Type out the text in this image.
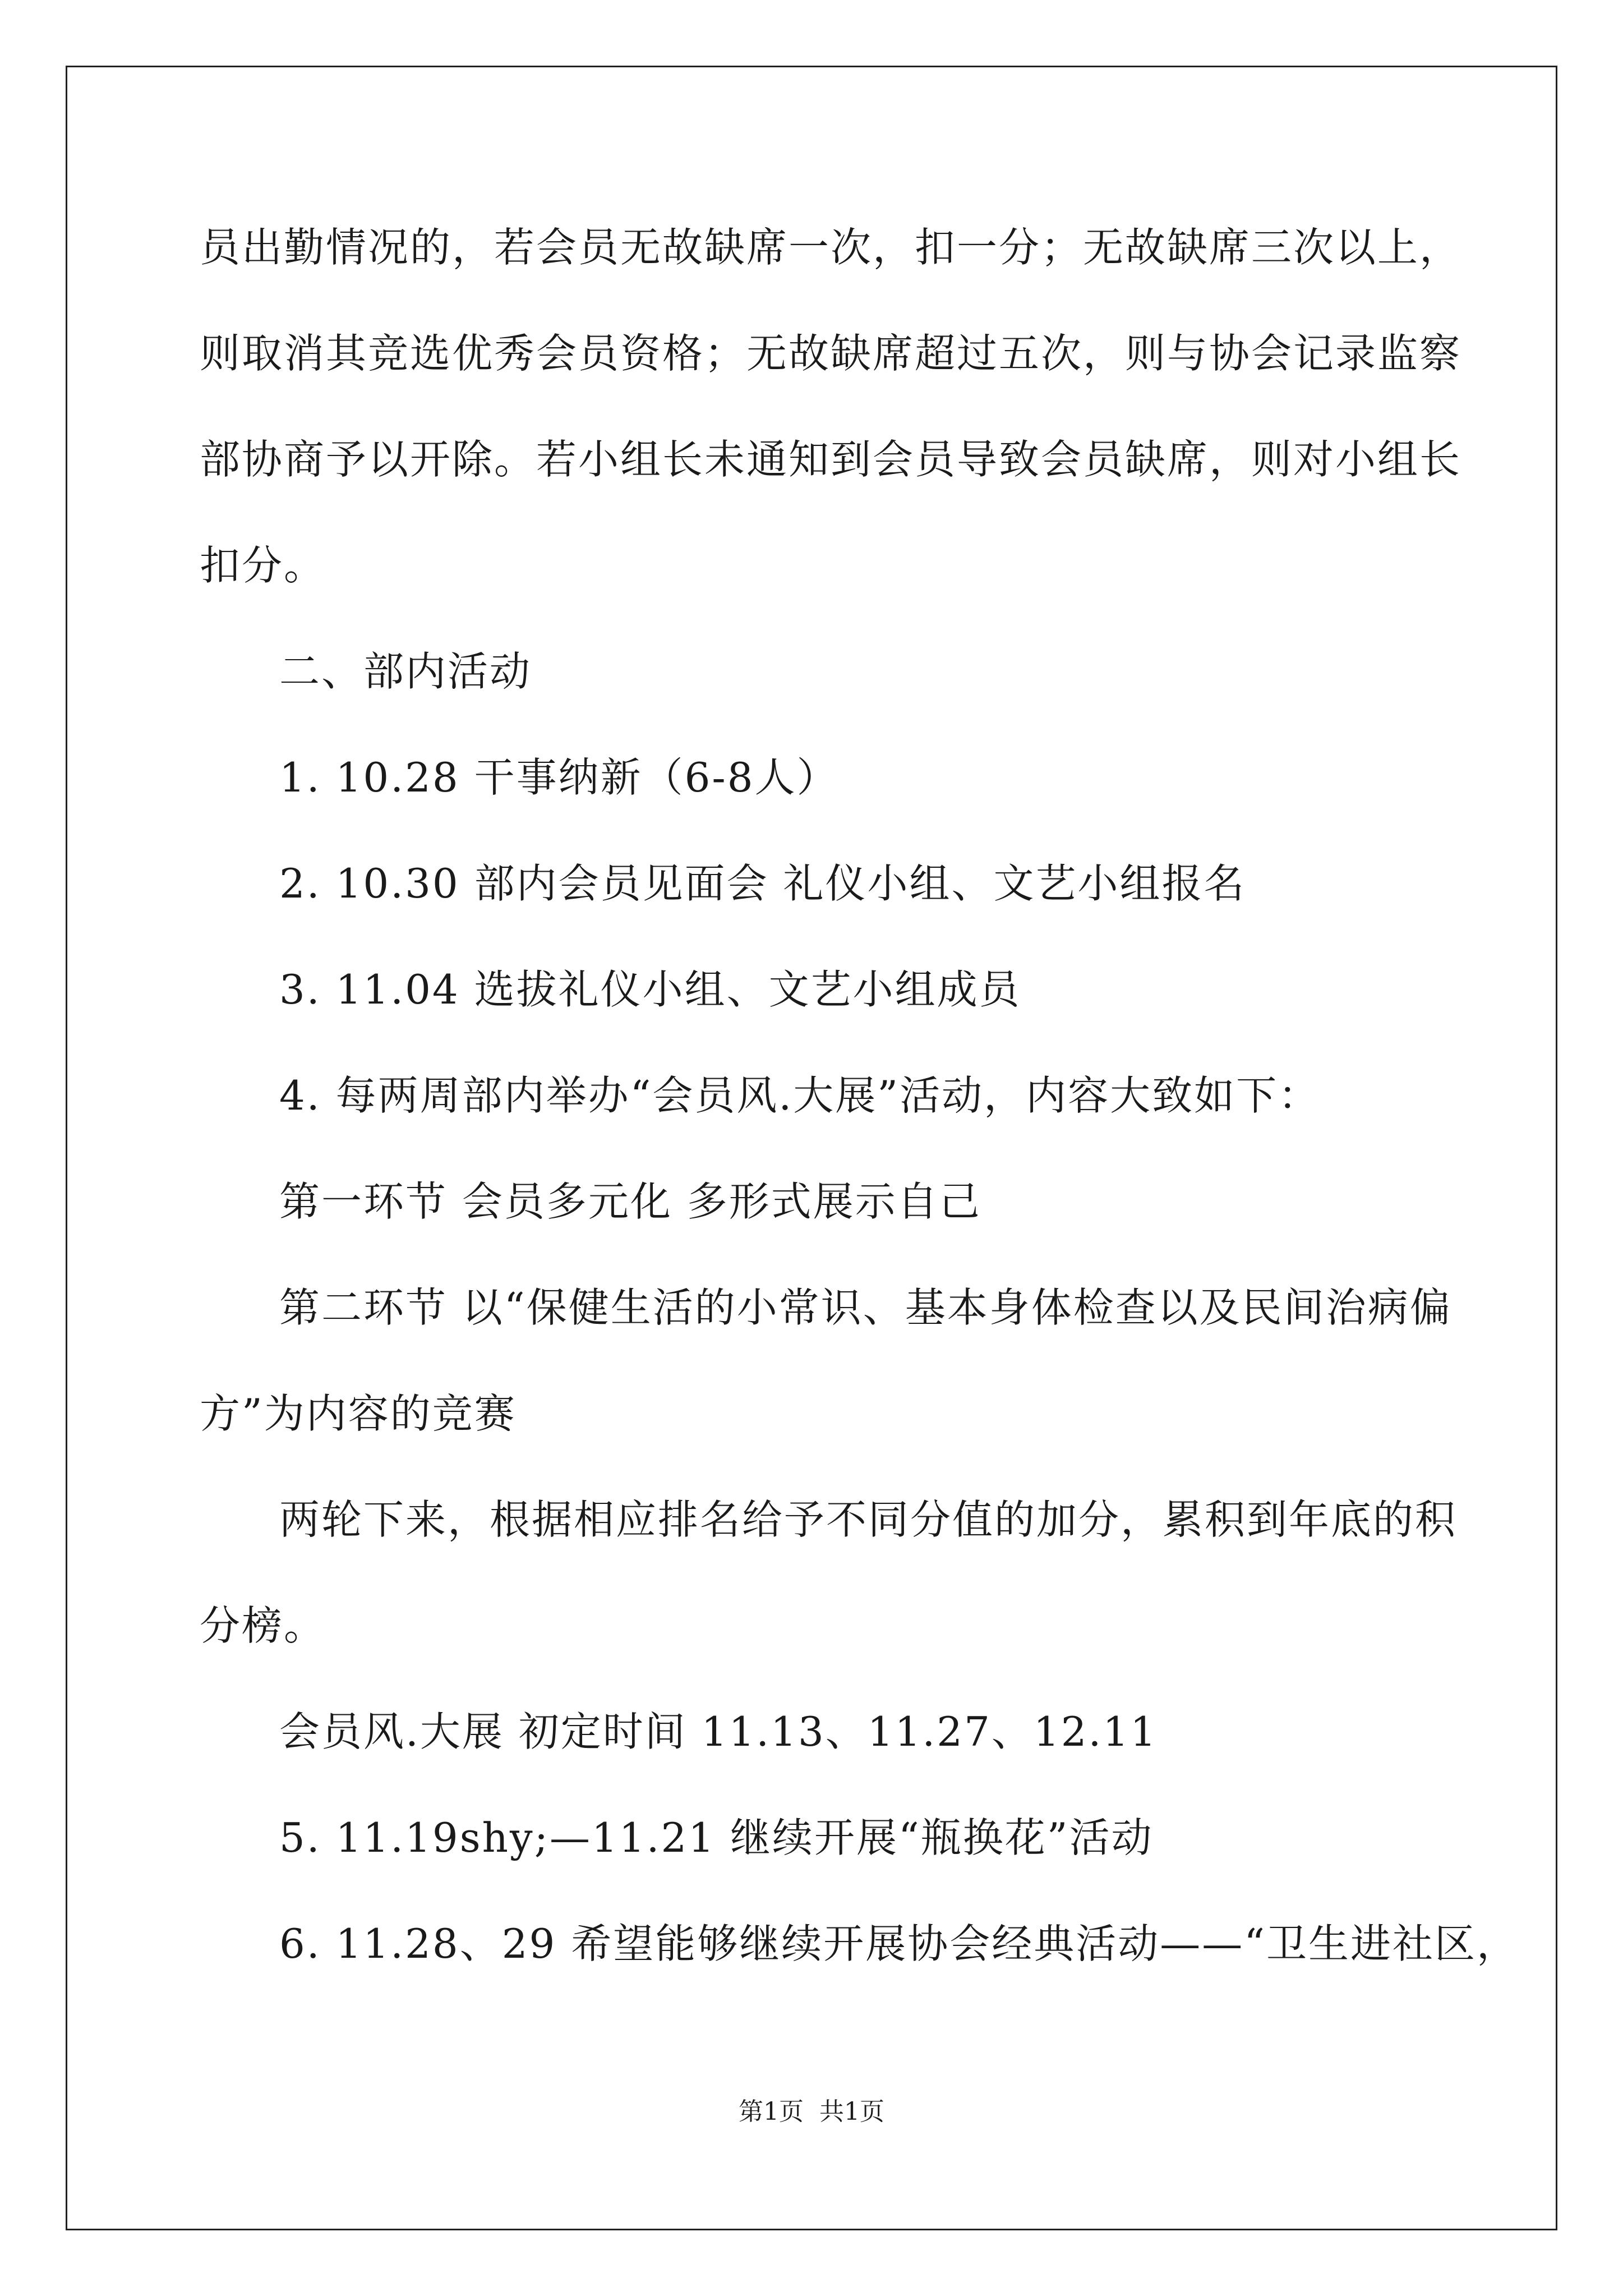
员出勤情况的，若会员无故缺席一次，扣一分；无故缺席三次以上，
则取消其竞选优秀会员资格；无故缺席超过五次，则与协会记录监察
部协商予以开除。若小组长未通知到会员导致会员缺席，则对小组长
扣分。
二、部内活动
1. 10.28 干事纳新（6-8人）
2. 10.30 部内会员见面会 礼仪小组、文艺小组报名
3. 11.04 选拔礼仪小组、文艺小组成员
4. 每两周部内举办“会员风.大展”活动，内容大致如下：
第一环节 会员多元化 多形式展示自己
第二环节 以“保健生活的小常识、基本身体检查以及民间治病偏
方”为内容的竞赛
两轮下来，根据相应排名给予不同分值的加分，累积到年底的积
分榜。
会员风.大展 初定时间 11.13、11.27、12.11
5. 11.19shy;—11.21 继续开展“瓶换花”活动
6. 11.28、29 希望能够继续开展协会经典活动——“卫生进社区，
第1页  共1页
